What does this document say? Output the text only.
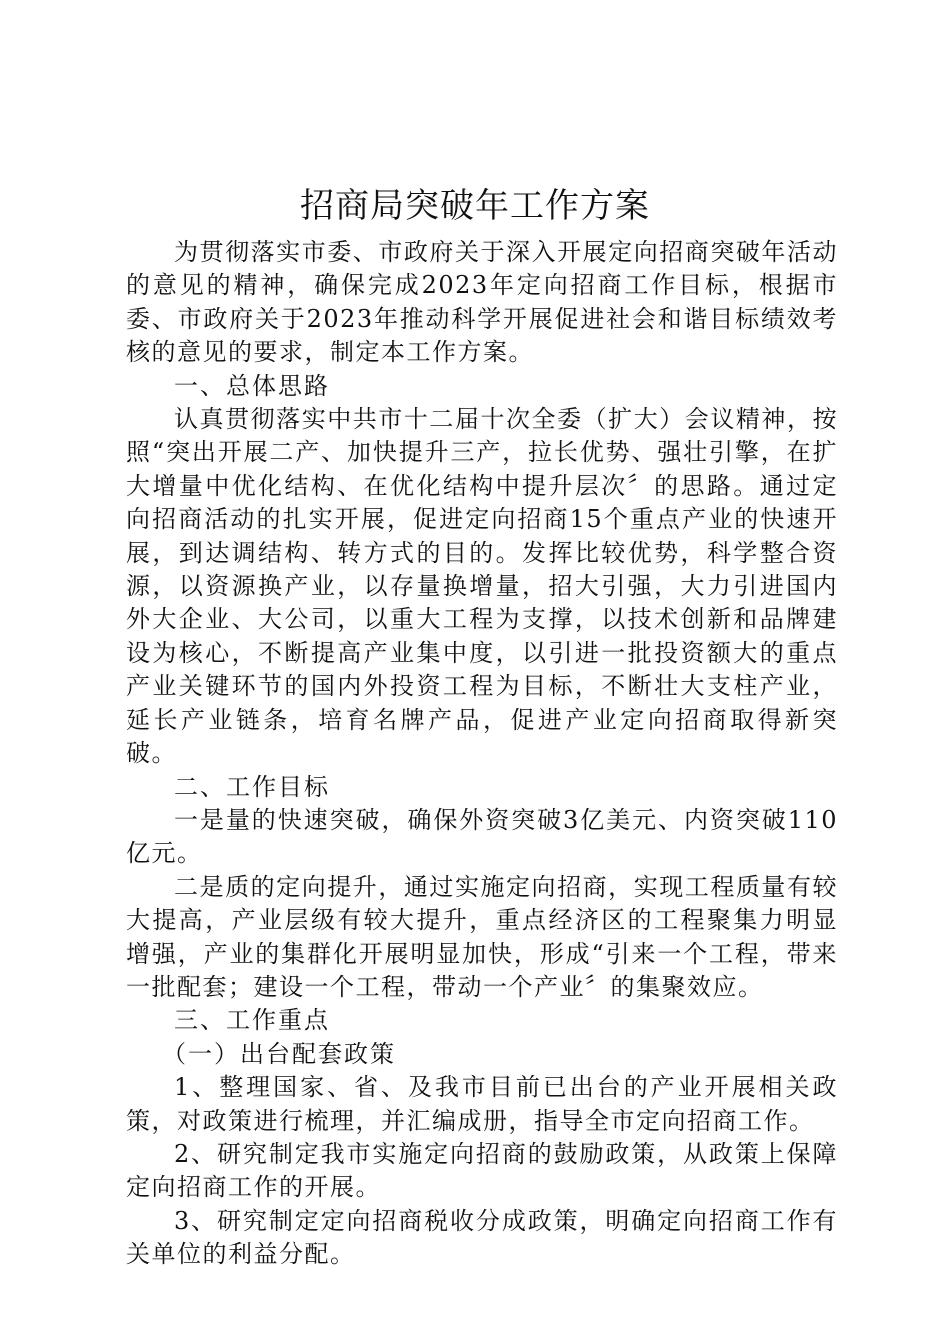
招商局突破年工作方案

为贯彻落实市委、市政府关于深入开展定向招商突破年活动的意见的精神，确保完成2023年定向招商工作目标，根据市委、市政府关于2023年推动科学开展促进社会和谐目标绩效考核的意见的要求，制定本工作方案。

一、总体思路

认真贯彻落实中共市十二届十次全委（扩大）会议精神，按照“突出开展二产、加快提升三产，拉长优势、强壮引擎，在扩大增量中优化结构、在优化结构中提升层次〞的思路。通过定向招商活动的扎实开展，促进定向招商15个重点产业的快速开展，到达调结构、转方式的目的。发挥比较优势，科学整合资源，以资源换产业，以存量换增量，招大引强，大力引进国内外大企业、大公司，以重大工程为支撑，以技术创新和品牌建设为核心，不断提高产业集中度，以引进一批投资额大的重点产业关键环节的国内外投资工程为目标，不断壮大支柱产业，延长产业链条，培育名牌产品，促进产业定向招商取得新突破。

二、工作目标

一是量的快速突破，确保外资突破3亿美元、内资突破110亿元。

二是质的定向提升，通过实施定向招商，实现工程质量有较大提高，产业层级有较大提升，重点经济区的工程聚集力明显增强，产业的集群化开展明显加快，形成“引来一个工程，带来一批配套；建设一个工程，带动一个产业〞的集聚效应。

三、工作重点

（一）出台配套政策

1、整理国家、省、及我市目前已出台的产业开展相关政策，对政策进行梳理，并汇编成册，指导全市定向招商工作。

2、研究制定我市实施定向招商的鼓励政策，从政策上保障定向招商工作的开展。

3、研究制定定向招商税收分成政策，明确定向招商工作有关单位的利益分配。
